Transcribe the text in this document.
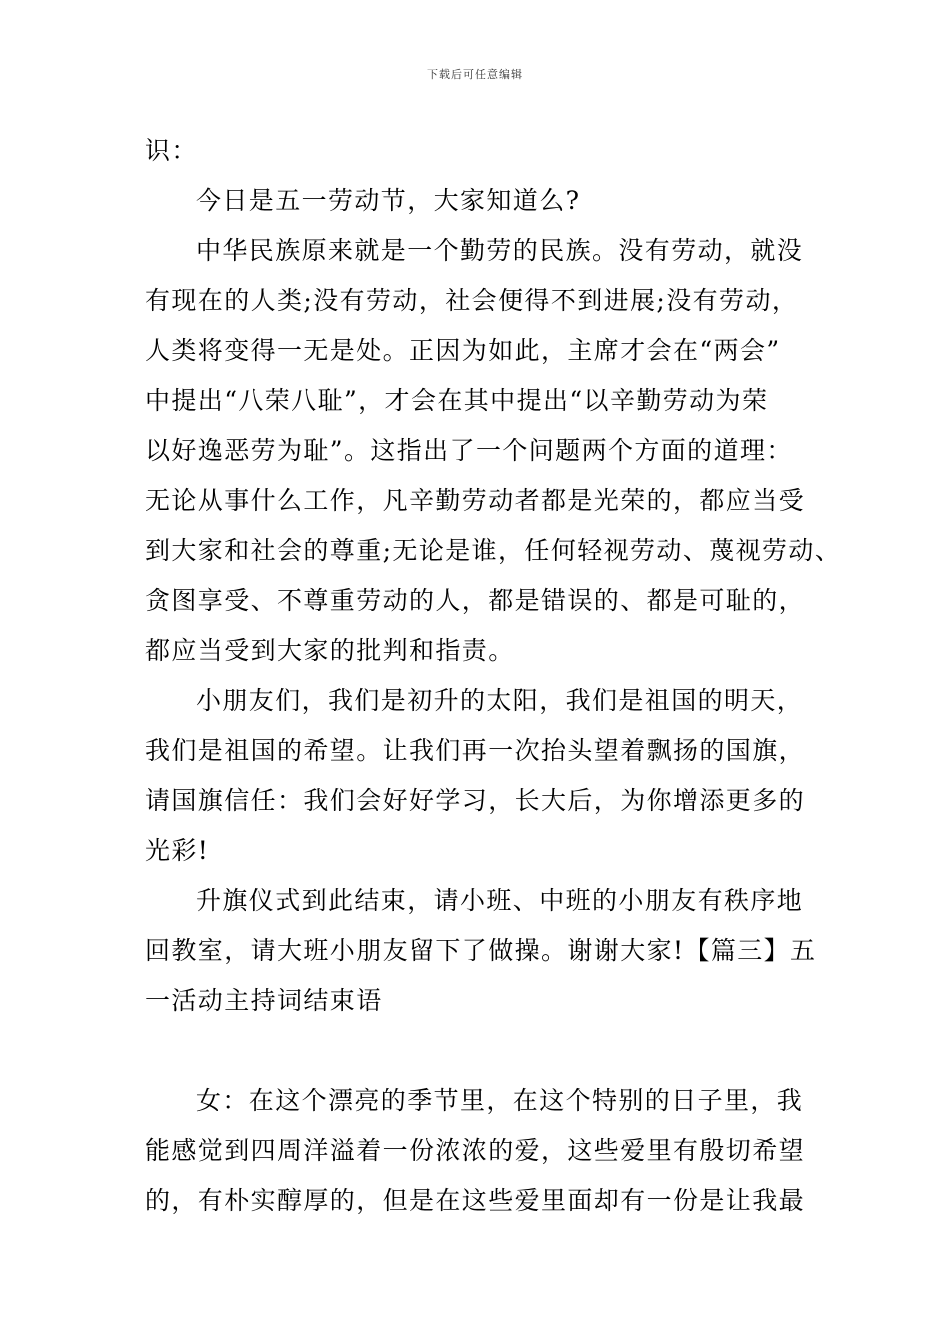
下载后可任意编辑
识：
今日是五一劳动节，大家知道么?
中华民族原来就是一个勤劳的民族。没有劳动，就没
有现在的人类;没有劳动，社会便得不到进展;没有劳动，
人类将变得一无是处。正因为如此，主席才会在“两会”
中提出“八荣八耻”，才会在其中提出“以辛勤劳动为荣
以好逸恶劳为耻”。这指出了一个问题两个方面的道理：
无论从事什么工作，凡辛勤劳动者都是光荣的，都应当受
到大家和社会的尊重;无论是谁，任何轻视劳动、蔑视劳动、
贪图享受、不尊重劳动的人，都是错误的、都是可耻的，
都应当受到大家的批判和指责。
小朋友们，我们是初升的太阳，我们是祖国的明天，
我们是祖国的希望。让我们再一次抬头望着飘扬的国旗，
请国旗信任：我们会好好学习，长大后，为你增添更多的
光彩!
升旗仪式到此结束，请小班、中班的小朋友有秩序地
回教室，请大班小朋友留下了做操。谢谢大家!【篇三】五
一活动主持词结束语
女：在这个漂亮的季节里，在这个特别的日子里，我
能感觉到四周洋溢着一份浓浓的爱，这些爱里有殷切希望
的，有朴实醇厚的，但是在这些爱里面却有一份是让我最
